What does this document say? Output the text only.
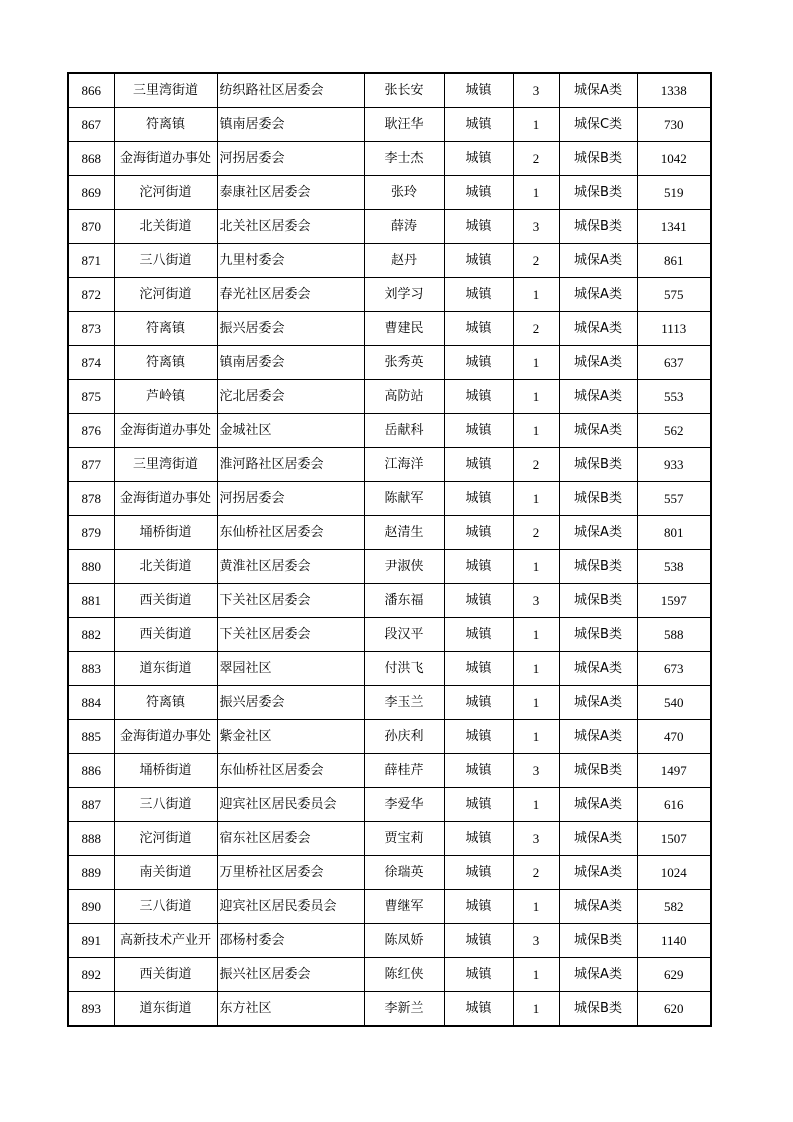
866	三里湾街道	纺织路社区居委会	张长安	城镇	3	城保A类	1338
867	符离镇	镇南居委会	耿汪华	城镇	1	城保C类	730
868	金海街道办事处	河拐居委会	李士杰	城镇	2	城保B类	1042
869	沱河街道	泰康社区居委会	张玲	城镇	1	城保B类	519
870	北关街道	北关社区居委会	薛涛	城镇	3	城保B类	1341
871	三八街道	九里村委会	赵丹	城镇	2	城保A类	861
872	沱河街道	春光社区居委会	刘学习	城镇	1	城保A类	575
873	符离镇	振兴居委会	曹建民	城镇	2	城保A类	1113
874	符离镇	镇南居委会	张秀英	城镇	1	城保A类	637
875	芦岭镇	沱北居委会	高防站	城镇	1	城保A类	553
876	金海街道办事处	金城社区	岳献科	城镇	1	城保A类	562
877	三里湾街道	淮河路社区居委会	江海洋	城镇	2	城保B类	933
878	金海街道办事处	河拐居委会	陈献军	城镇	1	城保B类	557
879	埇桥街道	东仙桥社区居委会	赵清生	城镇	2	城保A类	801
880	北关街道	黄淮社区居委会	尹淑侠	城镇	1	城保B类	538
881	西关街道	下关社区居委会	潘东福	城镇	3	城保B类	1597
882	西关街道	下关社区居委会	段汉平	城镇	1	城保B类	588
883	道东街道	翠园社区	付洪飞	城镇	1	城保A类	673
884	符离镇	振兴居委会	李玉兰	城镇	1	城保A类	540
885	金海街道办事处	紫金社区	孙庆利	城镇	1	城保A类	470
886	埇桥街道	东仙桥社区居委会	薛桂芹	城镇	3	城保B类	1497
887	三八街道	迎宾社区居民委员会	李爱华	城镇	1	城保A类	616
888	沱河街道	宿东社区居委会	贾宝莉	城镇	3	城保A类	1507
889	南关街道	万里桥社区居委会	徐瑞英	城镇	2	城保A类	1024
890	三八街道	迎宾社区居民委员会	曹继军	城镇	1	城保A类	582
891	高新技术产业开	邵杨村委会	陈凤娇	城镇	3	城保B类	1140
892	西关街道	振兴社区居委会	陈红侠	城镇	1	城保A类	629
893	道东街道	东方社区	李新兰	城镇	1	城保B类	620
